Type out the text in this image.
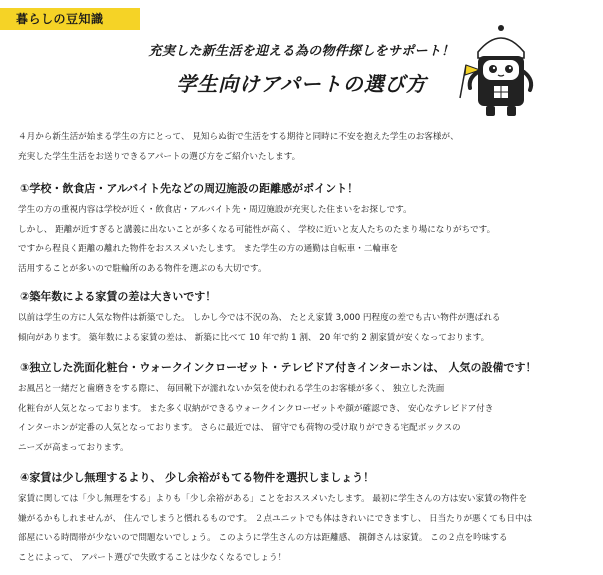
暮らしの豆知識
充実した新生活を迎える為の物件探しをサポート！
学生向けアパートの選び方
４月から新生活が始まる学生の方にとって、 見知らぬ街で生活をする期待と同時に不安を抱えた学生のお客様が、
充実した学生生活をお送りできるアパートの選び方をご紹介いたします。
①学校・飲食店・アルバイト先などの周辺施設の距離感がポイント！
学生の方の重視内容は学校が近く・飲食店・アルバイト先・周辺施設が充実した住まいをお探しです。
しかし、 距離が近すぎると講義に出ないことが多くなる可能性が高く、 学校に近いと友人たちのたまり場になりがちです。
ですから程良く距離の離れた物件をおススメいたします。 また学生の方の通勤は自転車・二輪車を
活用することが多いので駐輪所のある物件を選ぶのも大切です。
②築年数による家賃の差は大きいです！
以前は学生の方に人気な物件は新築でした。 しかし今では不況の為、 たとえ家賃 3,000 円程度の差でも古い物件が選ばれる
傾向があります。 築年数による家賃の差は、 新築に比べて 10 年で約 1 割、 20 年で約 2 割家賃が安くなっております。
③独立した洗面化粧台・ウォークインクローゼット・テレビドア付きインターホンは、 人気の設備です！
お風呂と一緒だと歯磨きをする際に、 毎回靴下が濡れないか気を使われる学生のお客様が多く、 独立した洗面
化粧台が人気となっております。 また多く収納ができるウォークインクローゼットや顔が確認でき、 安心なテレビドア付き
インターホンが定番の人気となっております。 さらに最近では、 留守でも荷物の受け取りができる宅配ボックスの
ニーズが高まっております。
④家賃は少し無理するより、 少し余裕がもてる物件を選択しましょう！
家賃に関しては「少し無理をする」よりも「少し余裕がある」ことをおススメいたします。 最初に学生さんの方は安い家賃の物件を
嫌がるかもしれませんが、 住んでしまうと慣れるものです。 ２点ユニットでも体はきれいにできますし、 日当たりが悪くても日中は
部屋にいる時間帯が少ないので問題ないでしょう。 このように学生さんの方は距離感、 親御さんは家賃。 この２点を吟味する
ことによって、 アパート選びで失敗することは少なくなるでしょう！
